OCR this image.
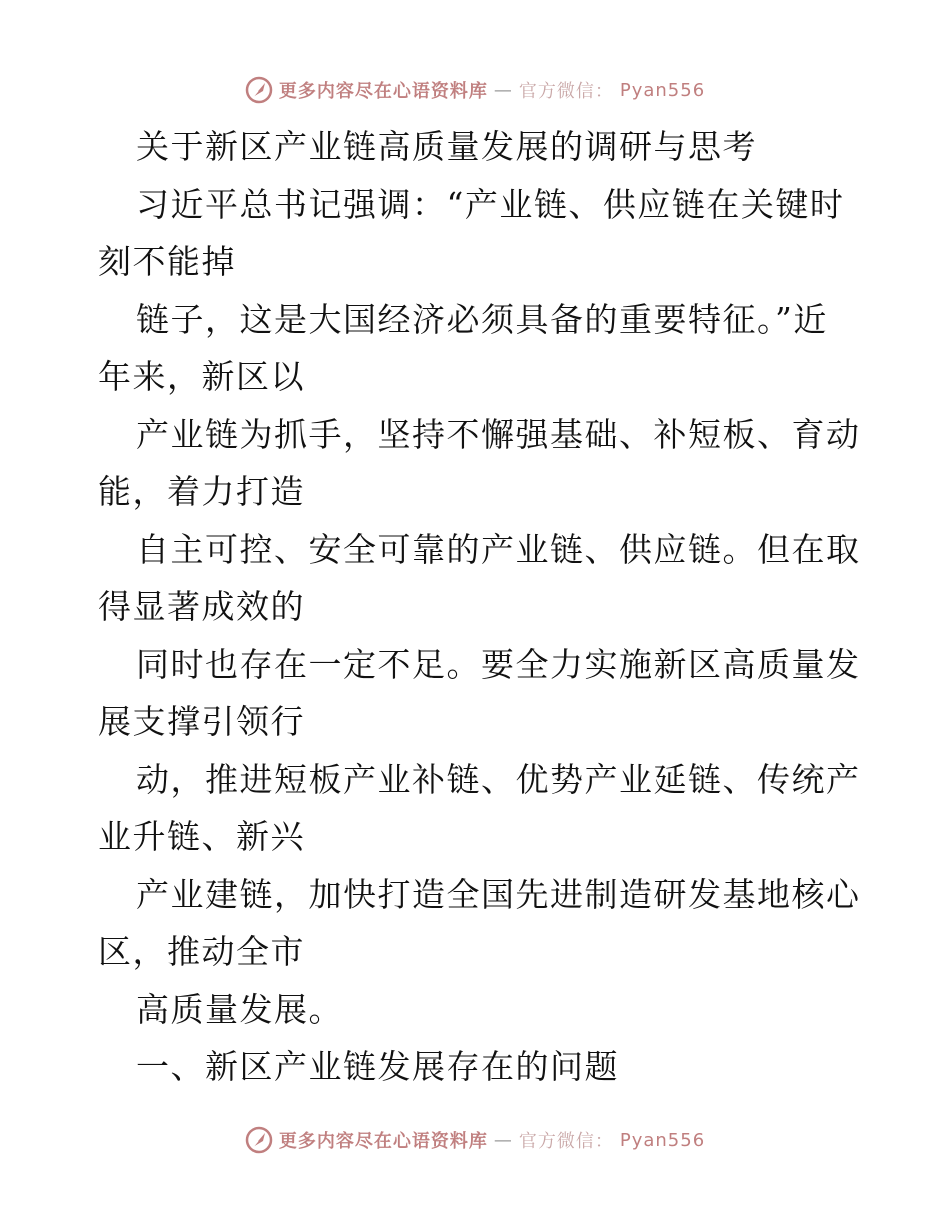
更多内容尽在心语资料库 — 官方微信： Pyan556
关于新区产业链高质量发展的调研与思考
习近平总书记强调：“产业链、供应链在关键时
刻不能掉
链子，这是大国经济必须具备的重要特征。”近
年来，新区以
产业链为抓手，坚持不懈强基础、补短板、育动
能，着力打造
自主可控、安全可靠的产业链、供应链。但在取
得显著成效的
同时也存在一定不足。要全力实施新区高质量发
展支撑引领行
动，推进短板产业补链、优势产业延链、传统产
业升链、新兴
产业建链，加快打造全国先进制造研发基地核心
区，推动全市
高质量发展。
一、新区产业链发展存在的问题
更多内容尽在心语资料库 — 官方微信： Pyan556
